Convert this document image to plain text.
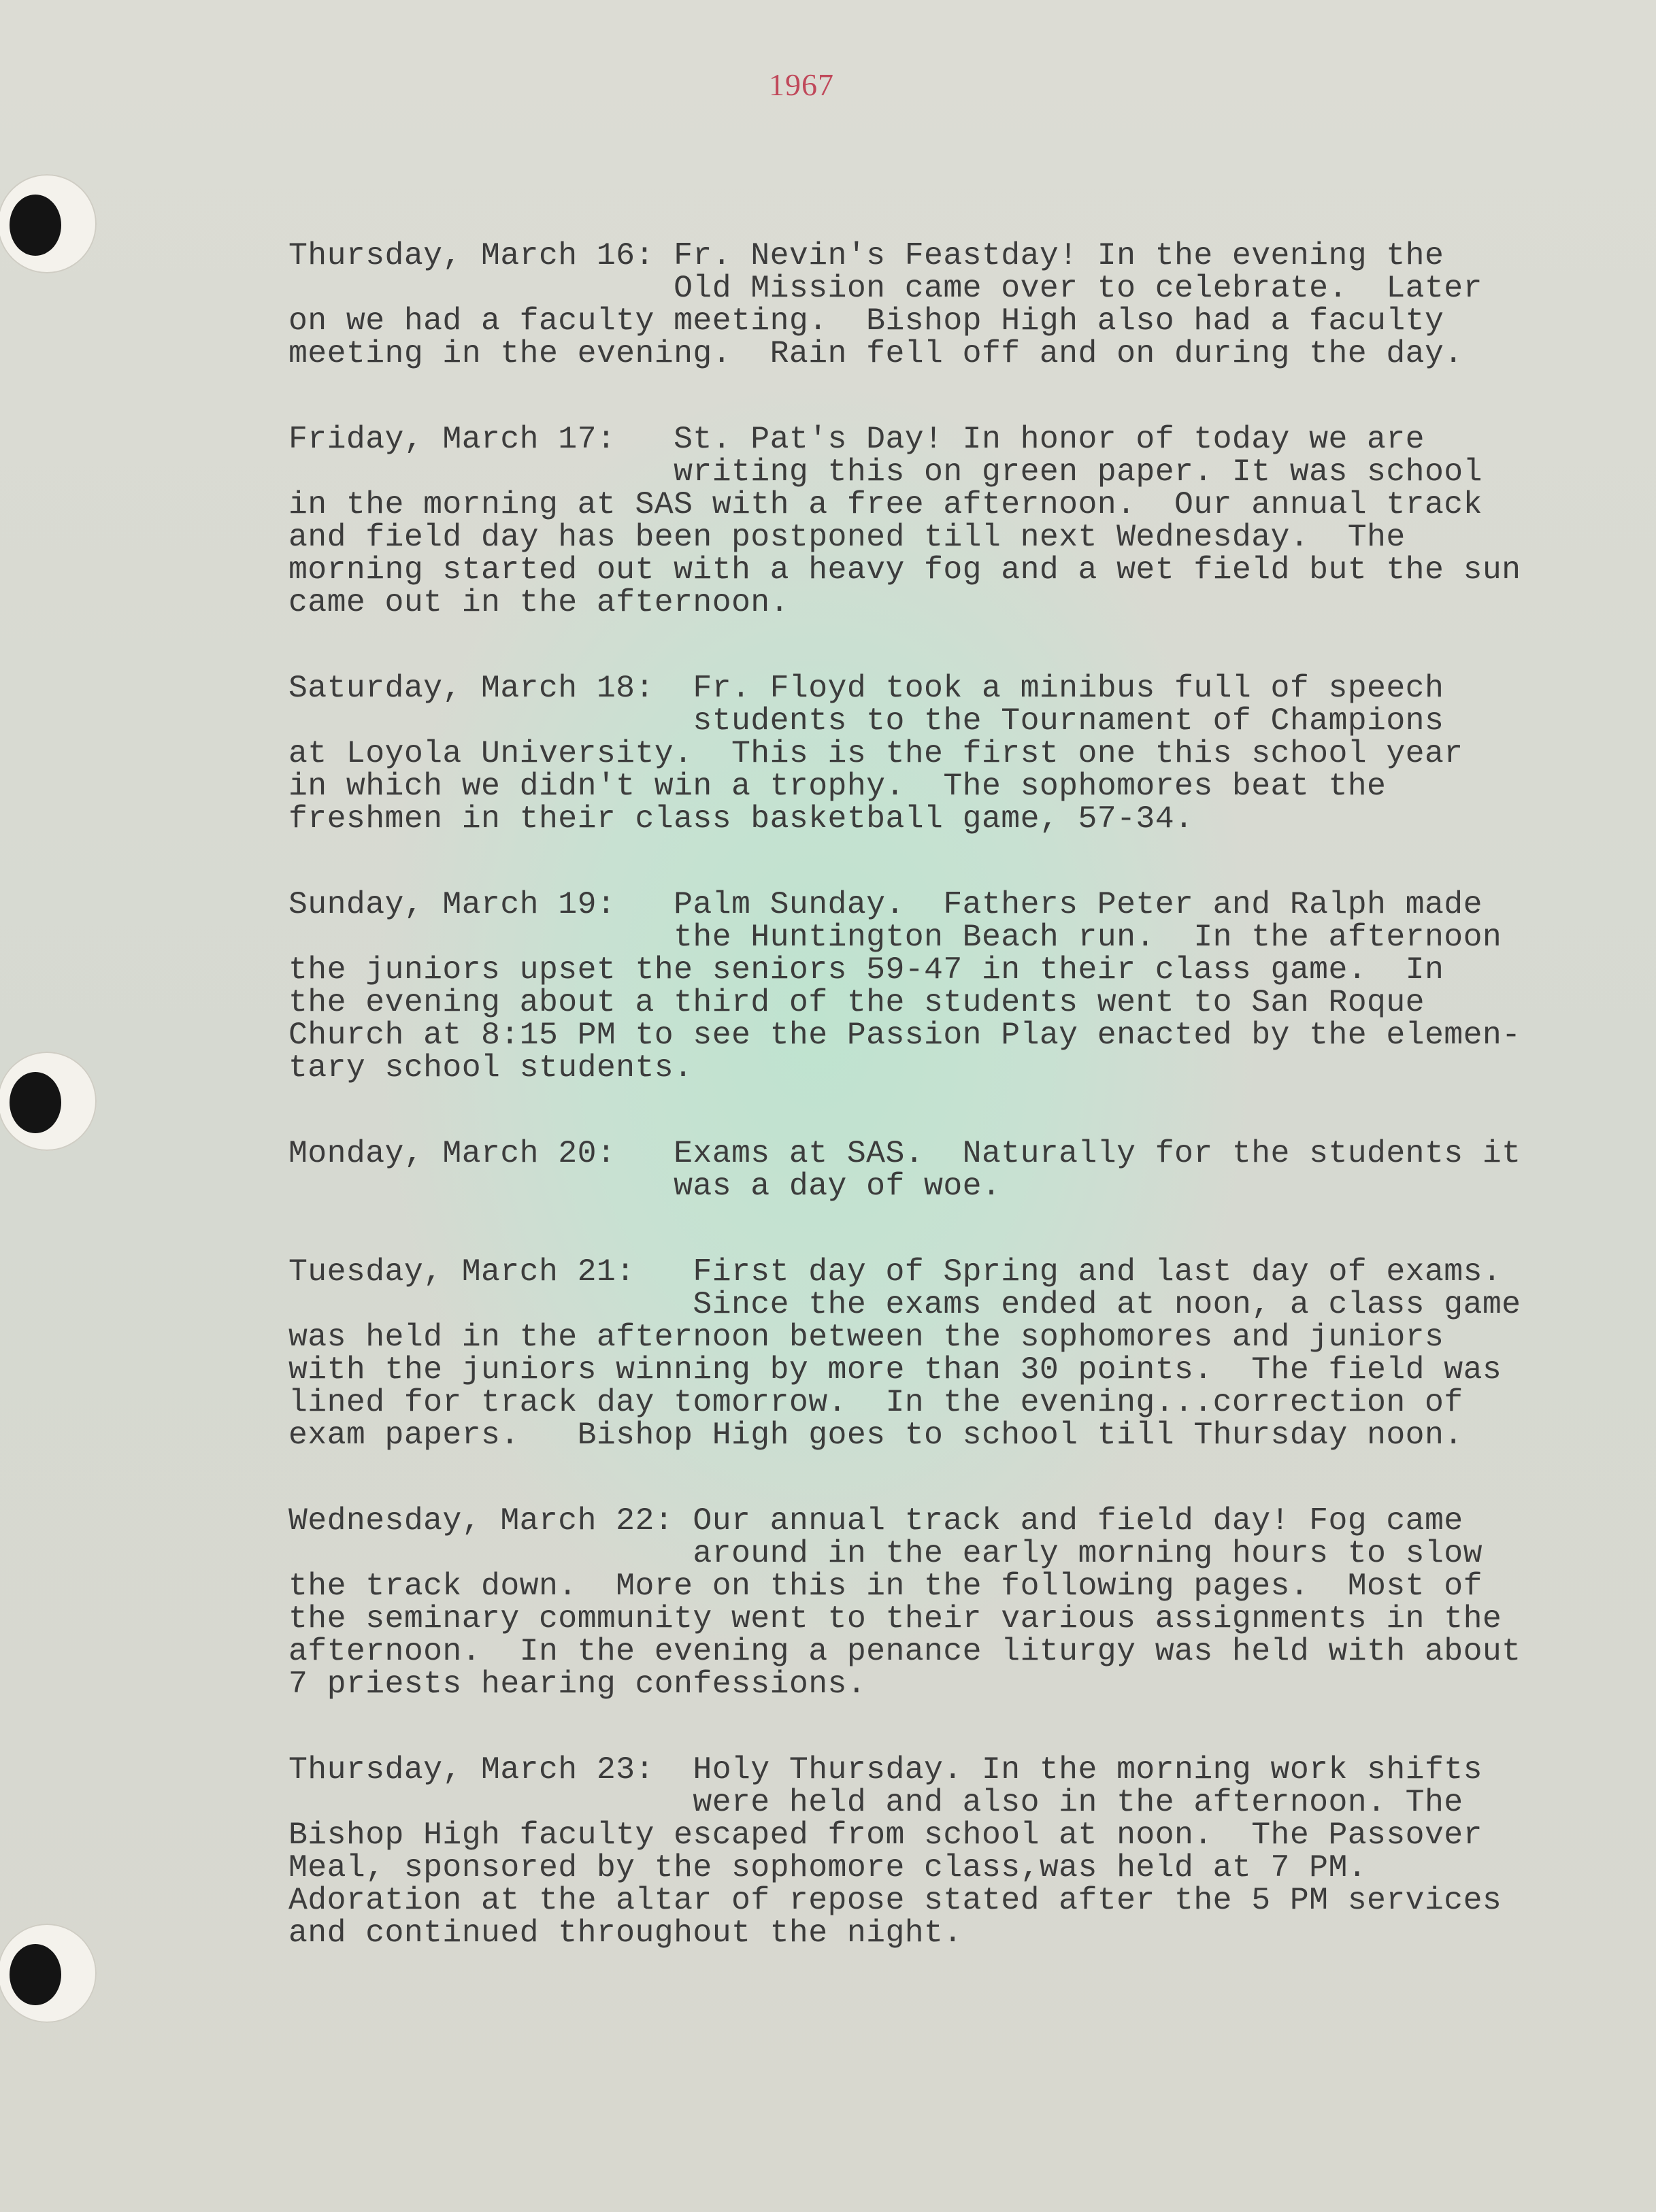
1967
Thursday, March 16: Fr. Nevin's Feastday! In the evening the
Old Mission came over to celebrate.  Later
on we had a faculty meeting.  Bishop High also had a faculty
meeting in the evening.  Rain fell off and on during the day.
Friday, March 17:   St. Pat's Day! In honor of today we are
writing this on green paper. It was school
in the morning at SAS with a free afternoon.  Our annual track
and field day has been postponed till next Wednesday.  The
morning started out with a heavy fog and a wet field but the sun
came out in the afternoon.
Saturday, March 18:  Fr. Floyd took a minibus full of speech
students to the Tournament of Champions
at Loyola University.  This is the first one this school year
in which we didn't win a trophy.  The sophomores beat the
freshmen in their class basketball game, 57-34.
Sunday, March 19:   Palm Sunday.  Fathers Peter and Ralph made
the Huntington Beach run.  In the afternoon
the juniors upset the seniors 59-47 in their class game.  In
the evening about a third of the students went to San Roque
Church at 8:15 PM to see the Passion Play enacted by the elemen-
tary school students.
Monday, March 20:   Exams at SAS.  Naturally for the students it
was a day of woe.
Tuesday, March 21:   First day of Spring and last day of exams.
Since the exams ended at noon, a class game
was held in the afternoon between the sophomores and juniors
with the juniors winning by more than 30 points.  The field was
lined for track day tomorrow.  In the evening...correction of
exam papers.   Bishop High goes to school till Thursday noon.
Wednesday, March 22: Our annual track and field day! Fog came
around in the early morning hours to slow
the track down.  More on this in the following pages.  Most of
the seminary community went to their various assignments in the
afternoon.  In the evening a penance liturgy was held with about
7 priests hearing confessions.
Thursday, March 23:  Holy Thursday. In the morning work shifts
were held and also in the afternoon. The
Bishop High faculty escaped from school at noon.  The Passover
Meal, sponsored by the sophomore class,was held at 7 PM.
Adoration at the altar of repose stated after the 5 PM services
and continued throughout the night.
